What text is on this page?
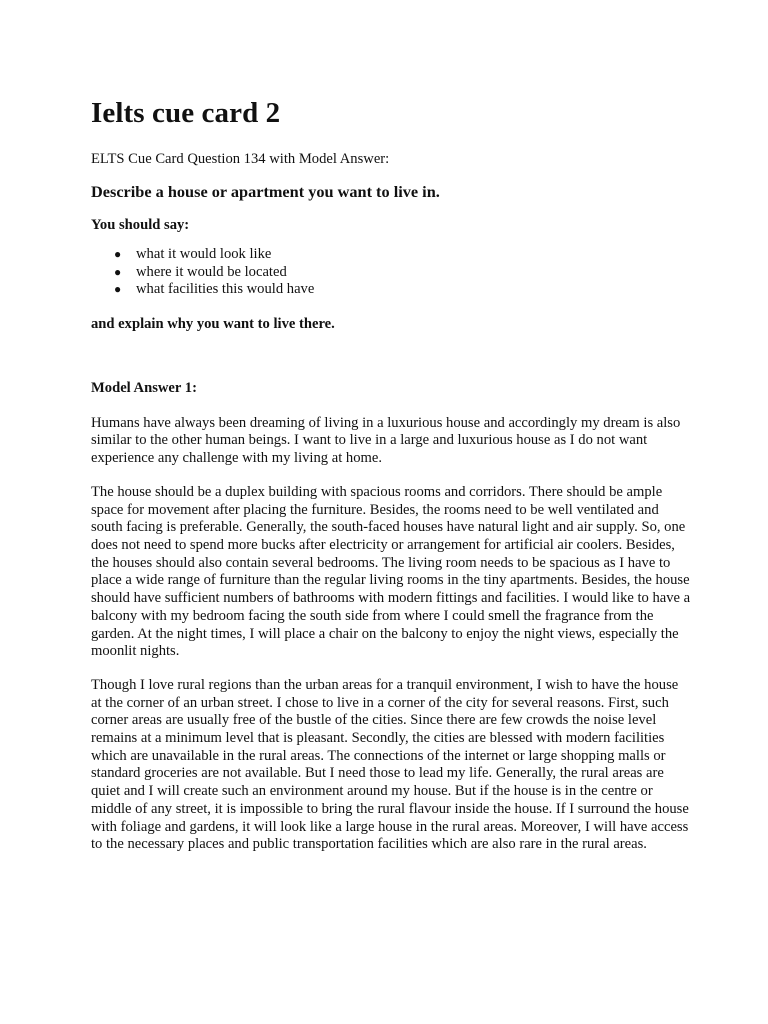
Ielts cue card 2

ELTS Cue Card Question 134 with Model Answer:

Describe a house or apartment you want to live in.

You should say:

● what it would look like
● where it would be located
● what facilities this would have

and explain why you want to live there.

Model Answer 1:

Humans have always been dreaming of living in a luxurious house and accordingly my dream is also similar to the other human beings. I want to live in a large and luxurious house as I do not want experience any challenge with my living at home.

The house should be a duplex building with spacious rooms and corridors. There should be ample space for movement after placing the furniture. Besides, the rooms need to be well ventilated and south facing is preferable. Generally, the south-faced houses have natural light and air supply. So, one does not need to spend more bucks after electricity or arrangement for artificial air coolers. Besides, the houses should also contain several bedrooms. The living room needs to be spacious as I have to place a wide range of furniture than the regular living rooms in the tiny apartments. Besides, the house should have sufficient numbers of bathrooms with modern fittings and facilities. I would like to have a balcony with my bedroom facing the south side from where I could smell the fragrance from the garden. At the night times, I will place a chair on the balcony to enjoy the night views, especially the moonlit nights.

Though I love rural regions than the urban areas for a tranquil environment, I wish to have the house at the corner of an urban street. I chose to live in a corner of the city for several reasons. First, such corner areas are usually free of the bustle of the cities. Since there are few crowds the noise level remains at a minimum level that is pleasant. Secondly, the cities are blessed with modern facilities which are unavailable in the rural areas. The connections of the internet or large shopping malls or standard groceries are not available. But I need those to lead my life. Generally, the rural areas are quiet and I will create such an environment around my house. But if the house is in the centre or middle of any street, it is impossible to bring the rural flavour inside the house. If I surround the house with foliage and gardens, it will look like a large house in the rural areas. Moreover, I will have access to the necessary places and public transportation facilities which are also rare in the rural areas.
